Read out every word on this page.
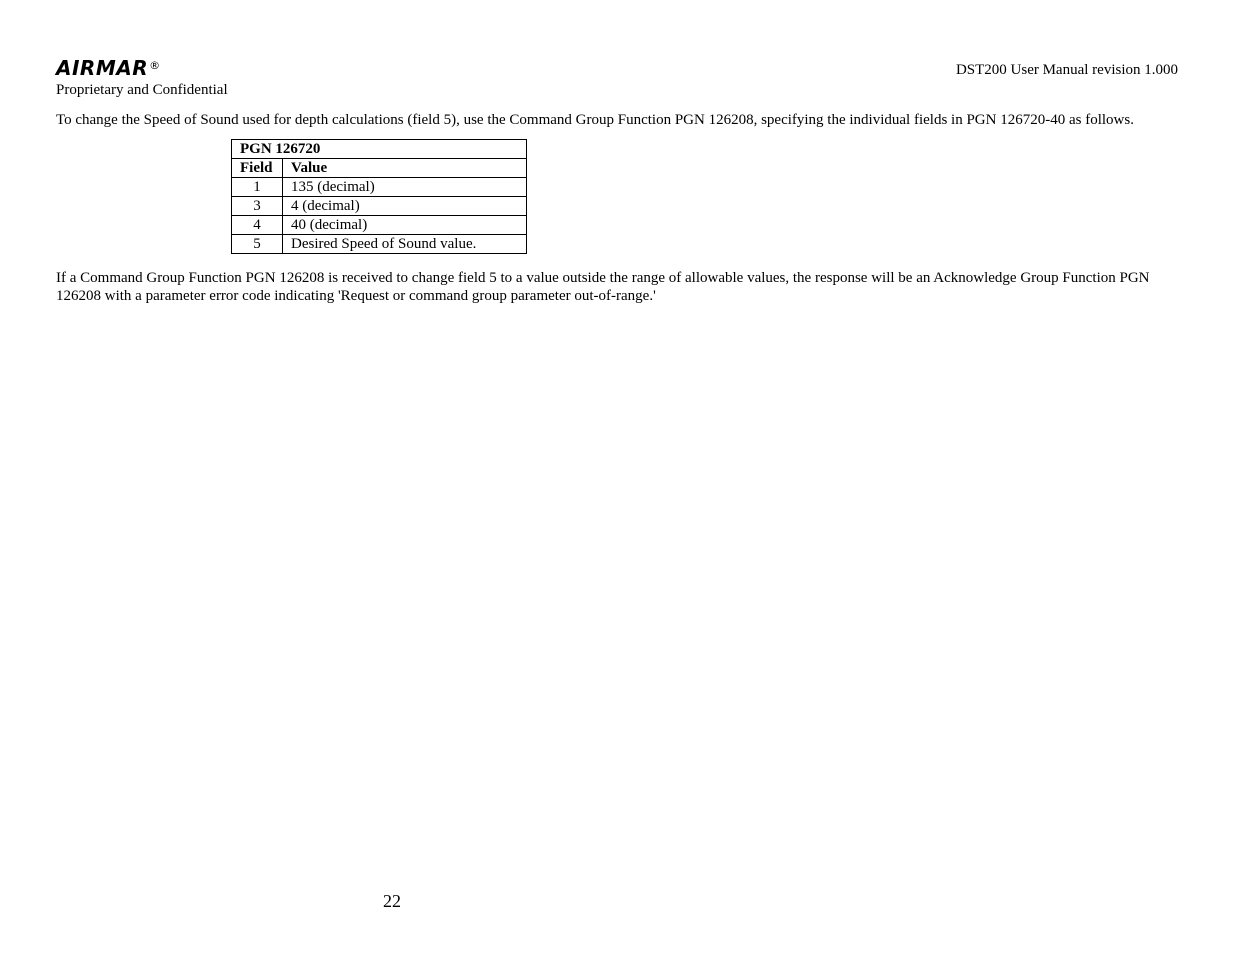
AIRMAR®	DST200 User Manual revision 1.000
Proprietary and Confidential

To change the Speed of Sound used for depth calculations (field 5), use the Command Group Function PGN 126208, specifying the individual fields in PGN 126720-40 as follows.

PGN 126720	
Field	Value
1	135 (decimal)
3	4 (decimal)
4	40 (decimal)
5	Desired Speed of Sound value.

If a Command Group Function PGN 126208 is received to change field 5 to a value outside the range of allowable values, the response will be an Acknowledge Group Function PGN 126208 with a parameter error code indicating 'Request or command group parameter out-of-range.'

22
